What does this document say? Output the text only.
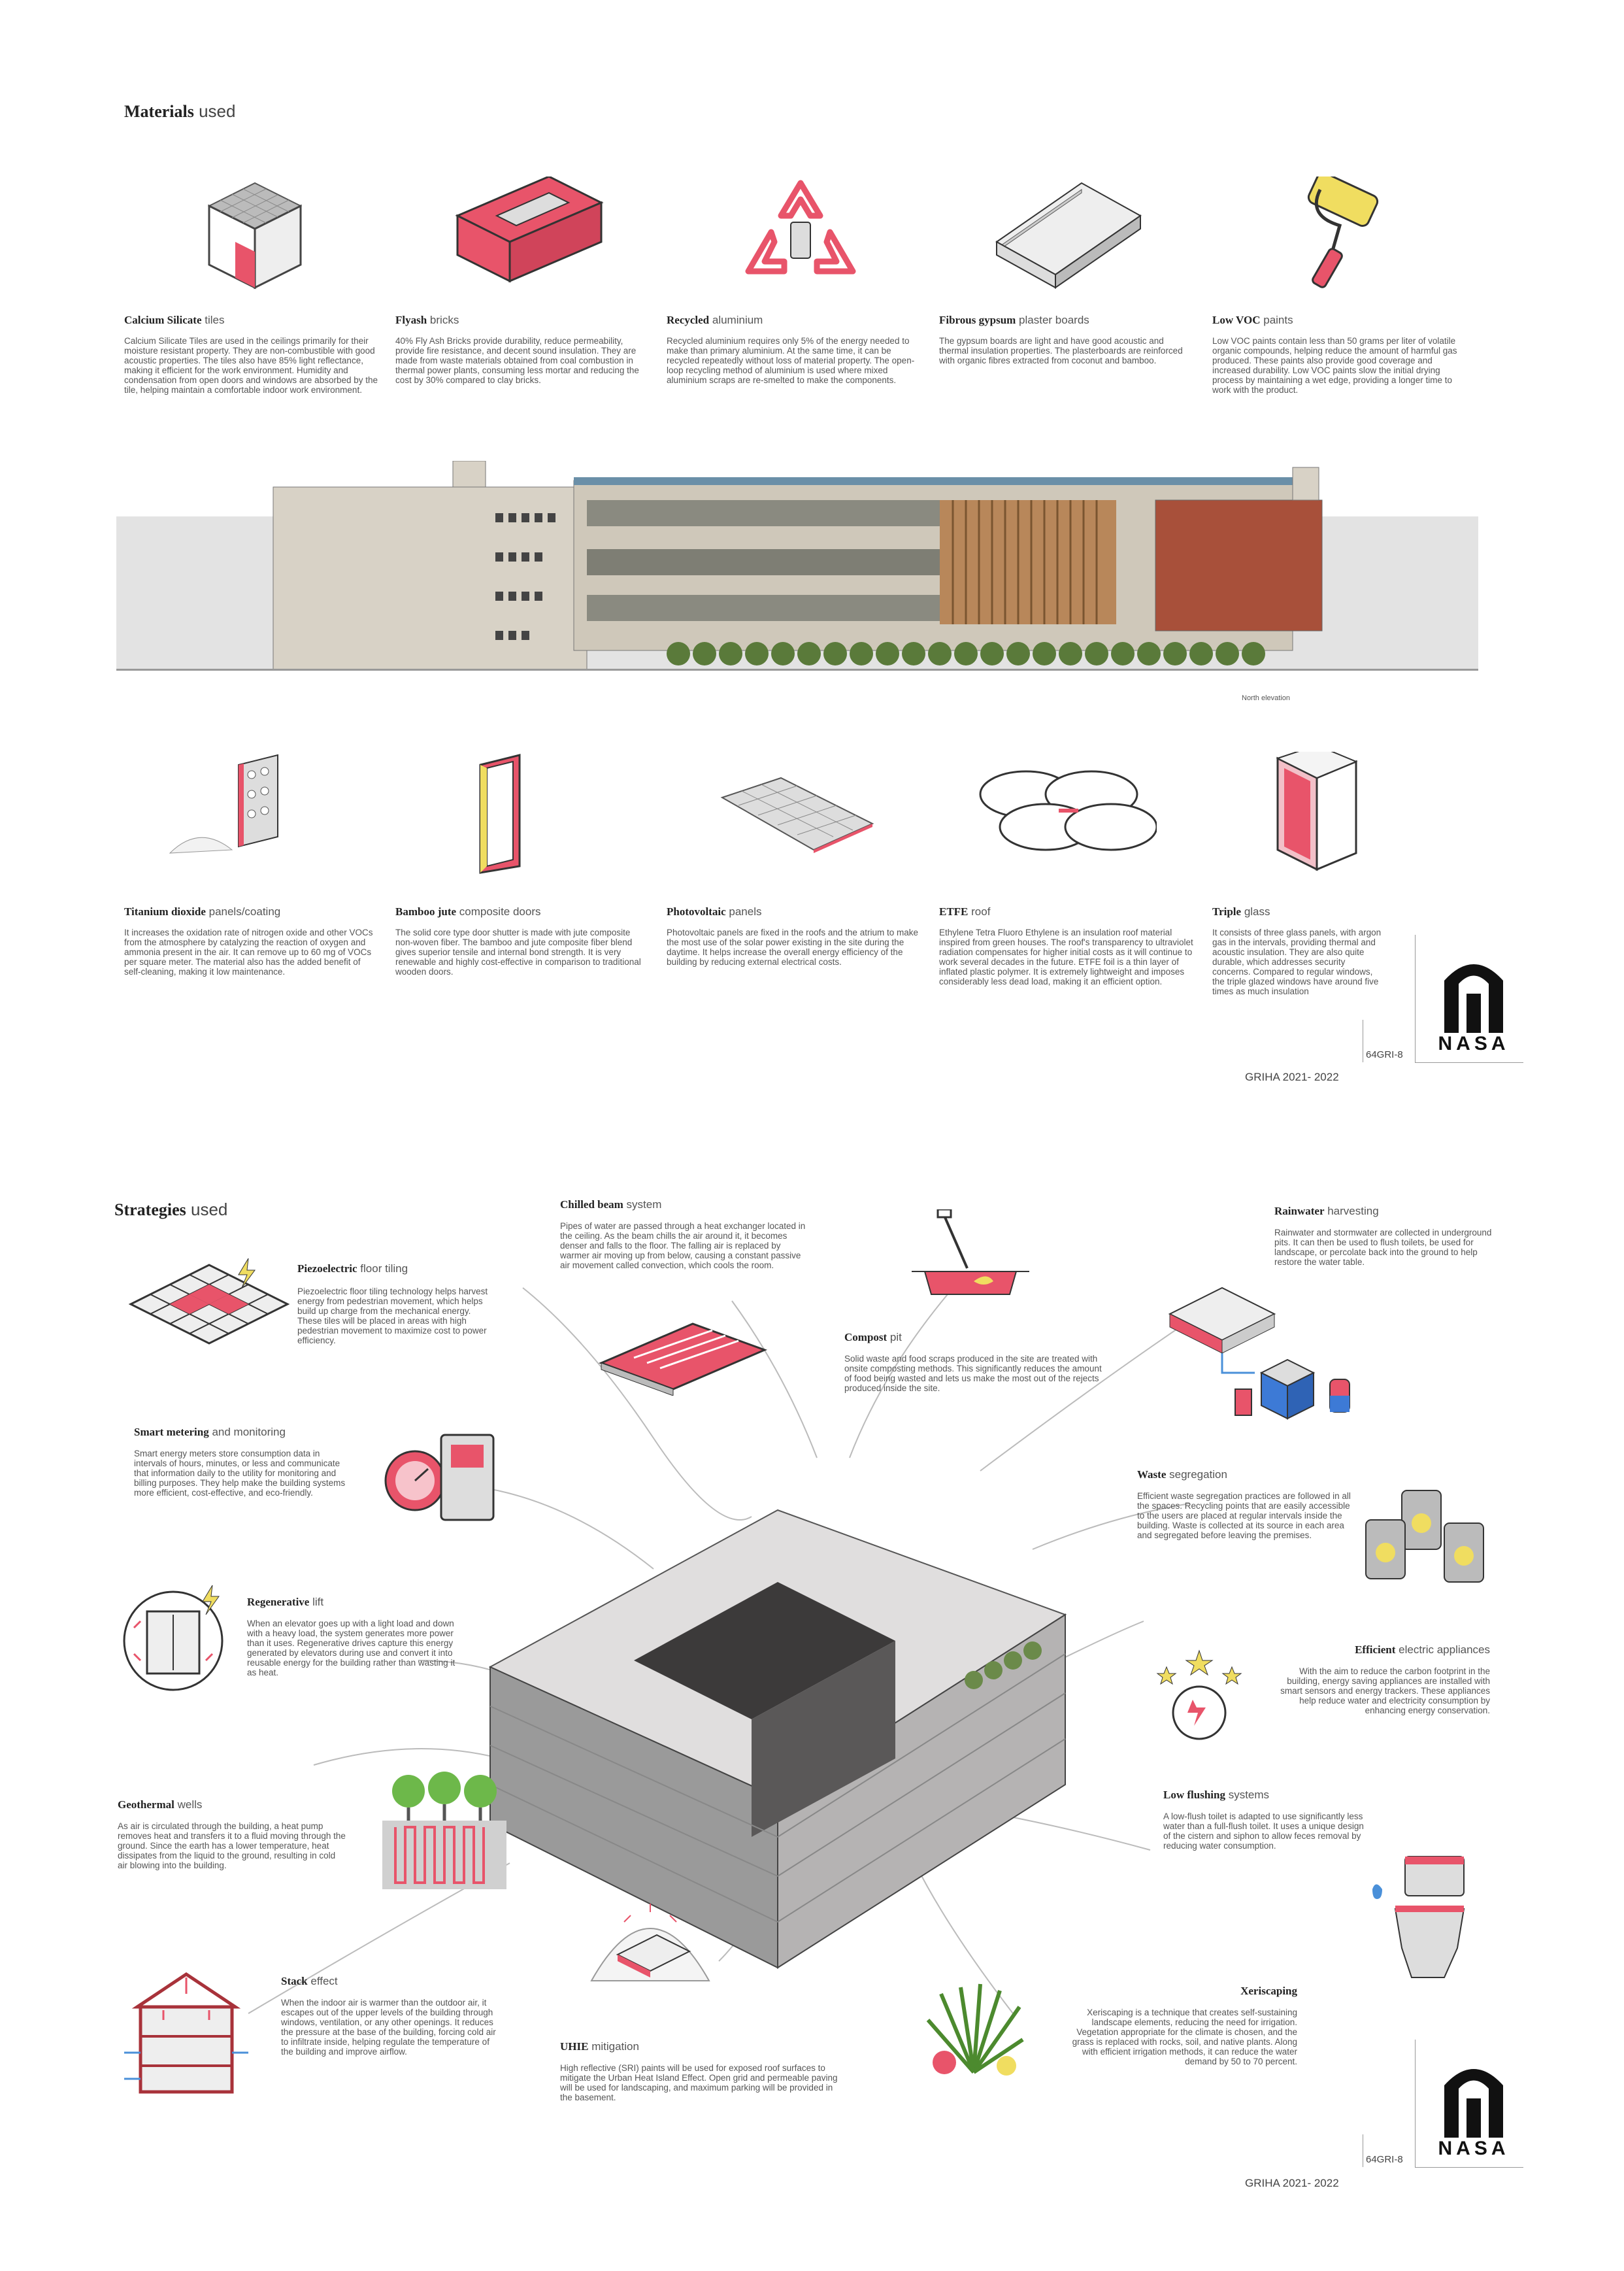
Materials used
Calcium Silicate tiles
Calcium Silicate Tiles are used in the ceilings primarily for their moisture resistant property. They are non-combustible with good acoustic properties. The tiles also have 85% light reflectance, making it efficient for the work environment. Humidity and condensation from open doors and windows are absorbed by the tile, helping maintain a comfortable indoor work environment.
Flyash bricks
40% Fly Ash Bricks provide durability, reduce permeability, provide fire resistance, and decent sound insulation. They are made from waste materials obtained from coal combustion in thermal power plants, consuming less mortar and reducing the cost by 30% compared to clay bricks.
Recycled aluminium
Recycled aluminium requires only 5% of the energy needed to make than primary aluminium. At the same time, it can be recycled repeatedly without loss of material property. The open-loop recycling method of aluminium is used where mixed aluminium scraps are re-smelted to make the components.
Fibrous gypsum plaster boards
The gypsum boards are light and have good acoustic and thermal insulation properties. The plasterboards are reinforced with organic fibres extracted from coconut and bamboo.
Low VOC paints
Low VOC paints contain less than 50 grams per liter of volatile organic compounds, helping reduce the amount of harmful gas produced. These paints also provide good coverage and increased durability. Low VOC paints slow the initial drying process by maintaining a wet edge, providing a longer time to work with the product.
North elevation
Titanium dioxide panels/coating
It increases the oxidation rate of nitrogen oxide and other VOCs from the atmosphere by catalyzing the reaction of oxygen and ammonia present in the air. It can remove up to 60 mg of VOCs per square meter. The material also has the added benefit of self-cleaning, making it low maintenance.
Bamboo jute composite doors
The solid core type door shutter is made with jute composite non-woven fiber. The bamboo and jute composite fiber blend gives superior tensile and internal bond strength. It is very renewable and highly cost-effective in comparison to traditional wooden doors.
Photovoltaic panels
Photovoltaic panels are fixed in the roofs and the atrium to make the most use of the solar power existing in the site during the daytime. It helps increase the overall energy efficiency of the building by reducing external electrical costs.
ETFE roof
Ethylene Tetra Fluoro Ethylene is an insulation roof material inspired from green houses. The roof's transparency to ultraviolet radiation compensates for higher initial costs as it will continue to work several decades in the future. ETFE foil is a thin layer of inflated plastic polymer. It is extremely lightweight and imposes considerably less dead load, making it an efficient option.
Triple glass
It consists of three glass panels, with argon gas in the intervals, providing thermal and acoustic insulation. They are also quite durable, which addresses security concerns. Compared to regular windows, the triple glazed windows have around five times as much insulation
64GRI-8
GRIHA 2021- 2022
NASA
Strategies used
Piezoelectric floor tiling
Piezoelectric floor tiling technology helps harvest energy from pedestrian movement, which helps build up charge from the mechanical energy. These tiles will be placed in areas with high pedestrian movement to maximize cost to power efficiency.
Chilled beam system
Pipes of water are passed through a heat exchanger located in the ceiling. As the beam chills the air around it, it becomes denser and falls to the floor. The falling air is replaced by warmer air moving up from below, causing a constant passive air movement called convection, which cools the room.
Compost pit
Solid waste and food scraps produced in the site are treated with onsite composting methods. This significantly reduces the amount of food being wasted and lets us make the most out of the rejects produced inside the site.
Rainwater harvesting
Rainwater and stormwater are collected in underground pits. It can then be used to flush toilets, be used for landscape, or percolate back into the ground to help restore the water table.
Smart metering and monitoring
Smart energy meters store consumption data in intervals of hours, minutes, or less and communicate that information daily to the utility for monitoring and billing purposes. They help make the building systems more efficient, cost-effective, and eco-friendly.
Waste segregation
Efficient waste segregation practices are followed in all the spaces. Recycling points that are easily accessible to the users are placed at regular intervals inside the building. Waste is collected at its source in each area and segregated before leaving the premises.
Regenerative lift
When an elevator goes up with a light load and down with a heavy load, the system generates more power than it uses. Regenerative drives capture this energy generated by elevators during use and convert it into reusable energy for the building rather than wasting it as heat.
Efficient electric appliances
With the aim to reduce the carbon footprint in the building, energy saving appliances are installed with smart sensors and energy trackers. These appliances help reduce water and electricity consumption by enhancing energy conservation.
Geothermal wells
As air is circulated through the building, a heat pump removes heat and transfers it to a fluid moving through the ground. Since the earth has a lower temperature, heat dissipates from the liquid to the ground, resulting in cold air blowing into the building.
Low flushing systems
A low-flush toilet is adapted to use significantly less water than a full-flush toilet. It uses a unique design of the cistern and siphon to allow feces removal by reducing water consumption.
Stack effect
When the indoor air is warmer than the outdoor air, it escapes out of the upper levels of the building through windows, ventilation, or any other openings. It reduces the pressure at the base of the building, forcing cold air to infiltrate inside, helping regulate the temperature of the building and improve airflow.	UHIE mitigation
High reflective (SRI) paints will be used for exposed roof surfaces to mitigate the Urban Heat Island Effect. Open grid and permeable paving will be used for landscaping, and maximum parking will be provided in the basement.
Xeriscaping
Xeriscaping is a technique that creates self-sustaining landscape elements, reducing the need for irrigation. Vegetation appropriate for the climate is chosen, and the grass is replaced with rocks, soil, and native plants. Along with efficient irrigation methods, it can reduce the water demand by 50 to 70 percent.
64GRI-8
GRIHA 2021- 2022
NASA
